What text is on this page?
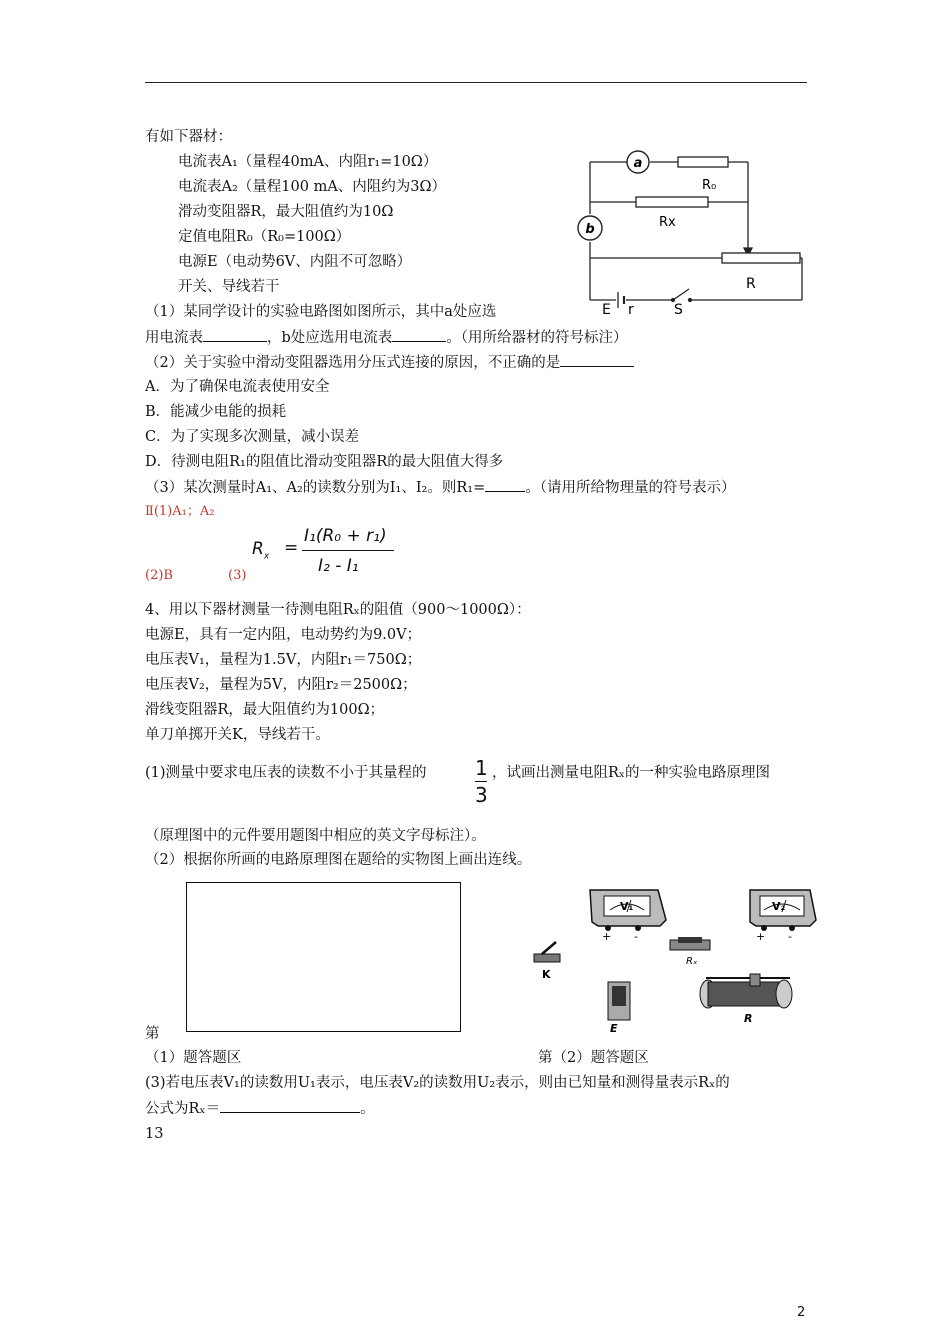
有如下器材：
电流表A₁（量程40mA、内阻r₁=10Ω）
电流表A₂（量程100 mA、内阻约为3Ω）
滑动变阻器R，最大阻值约为10Ω
定值电阻R₀（R₀=100Ω）
电源E（电动势6V、内阻不可忽略）
开关、导线若干
a
b
R₀
Rx
R
E r	S
（1）某同学设计的实验电路图如图所示，其中a处应选
用电流表	，b处应选用电流表	。（用所给器材的符号标注）
（2）关于实验中滑动变阻器选用分压式连接的原因，不正确的是
A．为了确保电流表使用安全
B．能减少电能的损耗
C．为了实现多次测量，减小误差
D．待测电阻R₁的阻值比滑动变阻器R的最大阻值大得多
（3）某次测量时A₁、A₂的读数分别为I₁、I₂。则R₁=	。（请用所给物理量的符号表示）
Ⅱ(1)A₁；A₂
(2)B	(3)
$R_x$ =
I₁(R₀ + r₁)
I₂ - I₁
4、用以下器材测量一待测电阻Rₓ的阻值（900～1000Ω）：
电源E，具有一定内阻，电动势约为9.0V；
电压表V₁，量程为1.5V，内阻r₁＝750Ω；
电压表V₂，量程为5V，内阻r₂＝2500Ω；
滑线变阻器R，最大阻值约为100Ω；
单刀单掷开关K，导线若干。
(1)测量中要求电压表的读数不小于其量程的 1
3
，试画出测量电阻Rₓ的一种实验电路原理图
（原理图中的元件要用题图中相应的英文字母标注）。
（2）根据你所画的电路原理图在题给的实物图上画出连线。
V₁
+ -
V₂
+ -
Rₓ
K
E
R
第
（1）题答题区	第（2）题答题区
(3)若电压表V₁的读数用U₁表示，电压表V₂的读数用U₂表示，则由已知量和测得量表示Rₓ的
公式为Rₓ＝	。
13
2
